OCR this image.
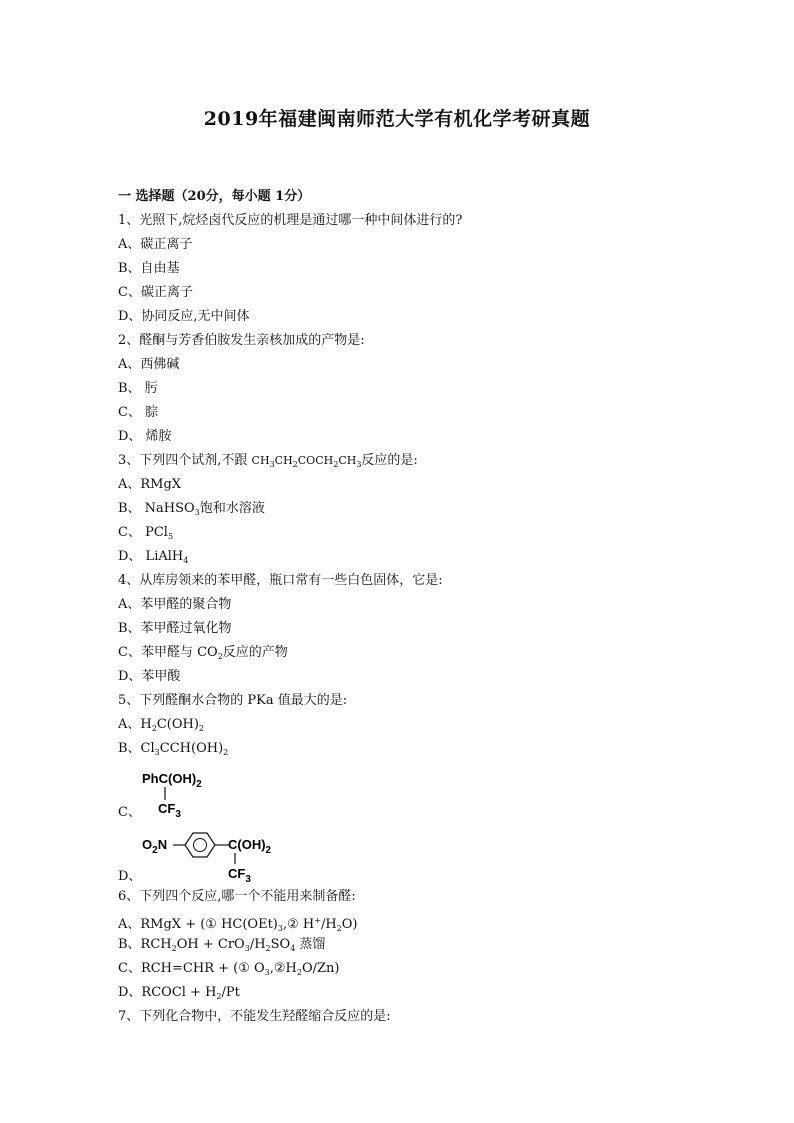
2019年福建闽南师范大学有机化学考研真题
一 选择题（20分，每小题 1分）
1、光照下,烷烃卤代反应的机理是通过哪一种中间体进行的?
A、碳正离子
B、自由基
C、碳正离子
D、协同反应,无中间体
2、醛酮与芳香伯胺发生亲核加成的产物是:
A、西佛碱
B、 肟
C、 腙
D、 烯胺
3、下列四个试剂,不跟 $CH_3CH_2COCH_2CH_3$反应的是:
A、RMgX
B、 NaHSO$_3$饱和水溶液
C、 PCl$_5$
D、 LiAlH$_4$
4、从库房领来的苯甲醛，瓶口常有一些白色固体，它是:
A、苯甲醛的聚合物
B、苯甲醛过氧化物
C、苯甲醛与 $CO_2$反应的产物
D、苯甲酸
5、下列醛酮水合物的 PKa 值最大的是:
A、$H_2C(OH)_2$
B、$Cl_3CCH(OH)_2$
$PhC(OH)_2$
$CF_3$
C、
$O_2N$	$C(OH)_2$
$CF_3$
D、
6、下列四个反应,哪一个不能用来制备醛:
A、RMgX + (① $HC(OEt)_3,②$ $H^+/H_2O$)
B、$RCH_2OH + CrO_3/H_2SO_4$ 蒸馏
C、RCH=CHR + (① $O_3,②H_2O/Zn$)
D、RCOCl + $H_2/Pt$
7、下列化合物中，不能发生羟醛缩合反应的是:
